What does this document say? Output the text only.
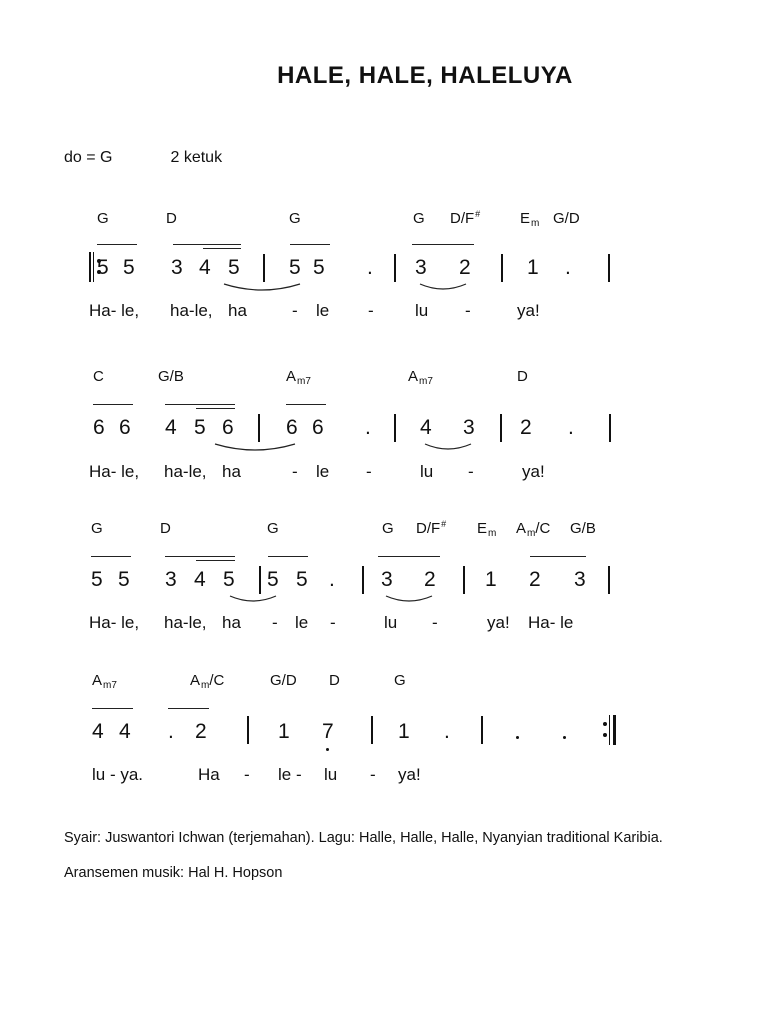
HALE, HALE, HALELUYA
do = G	2 ketuk
G	D	G	G D/F#	$E_m$ G/D
5 5 3 4 5 5 5 . 3 2	1 .
Ha- le, ha-le, ha	- le - lu -	ya!
C	G/B	$A_{m7}$	$A_{m7}$	D
6 6 4 5 6 6 6 . 4 3 2 .
Ha- le, ha-le, ha	- le -	lu -	ya!
G	D	G	G D/F# $E_m$ $A_m/C$ G/B
5 5 3 4 5 5 5 . 3 2 1 2 3
Ha- le, ha-le, ha - le -	lu -	ya! Ha- le
$A_{m7}$	$A_m/C$	G/D D	G
4 4 . 2	1 7	1 .
lu - ya.	Ha - le - lu - ya!
Syair: Juswantori Ichwan (terjemahan). Lagu: Halle, Halle, Halle, Nyanyian traditional Karibia.
Aransemen musik: Hal H. Hopson
